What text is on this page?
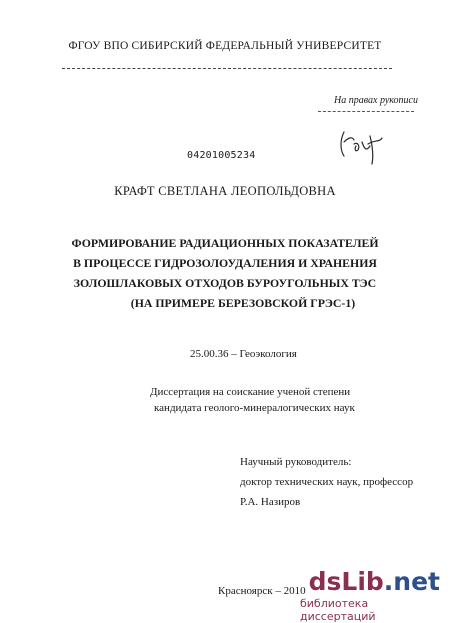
ФГОУ ВПО СИБИРСКИЙ ФЕДЕРАЛЬНЫЙ УНИВЕРСИТЕТ
На правах рукописи
04201005234
КРАФТ СВЕТЛАНА ЛЕОПОЛЬДОВНА
ФОРМИРОВАНИЕ РАДИАЦИОННЫХ ПОКАЗАТЕЛЕЙ
В ПРОЦЕССЕ ГИДРОЗОЛОУДАЛЕНИЯ И ХРАНЕНИЯ
ЗОЛОШЛАКОВЫХ ОТХОДОВ БУРОУГОЛЬНЫХ ТЭС
(НА ПРИМЕРЕ БЕРЕЗОВСКОЙ ГРЭС-1)
25.00.36 – Геоэкология
Диссертация на соискание ученой степени
кандидата геолого-минералогических наук
Научный руководитель:
доктор технических наук, профессор
Р.А. Назиров
Красноярск – 2010 dsLib.net
библиотека диссертаций
